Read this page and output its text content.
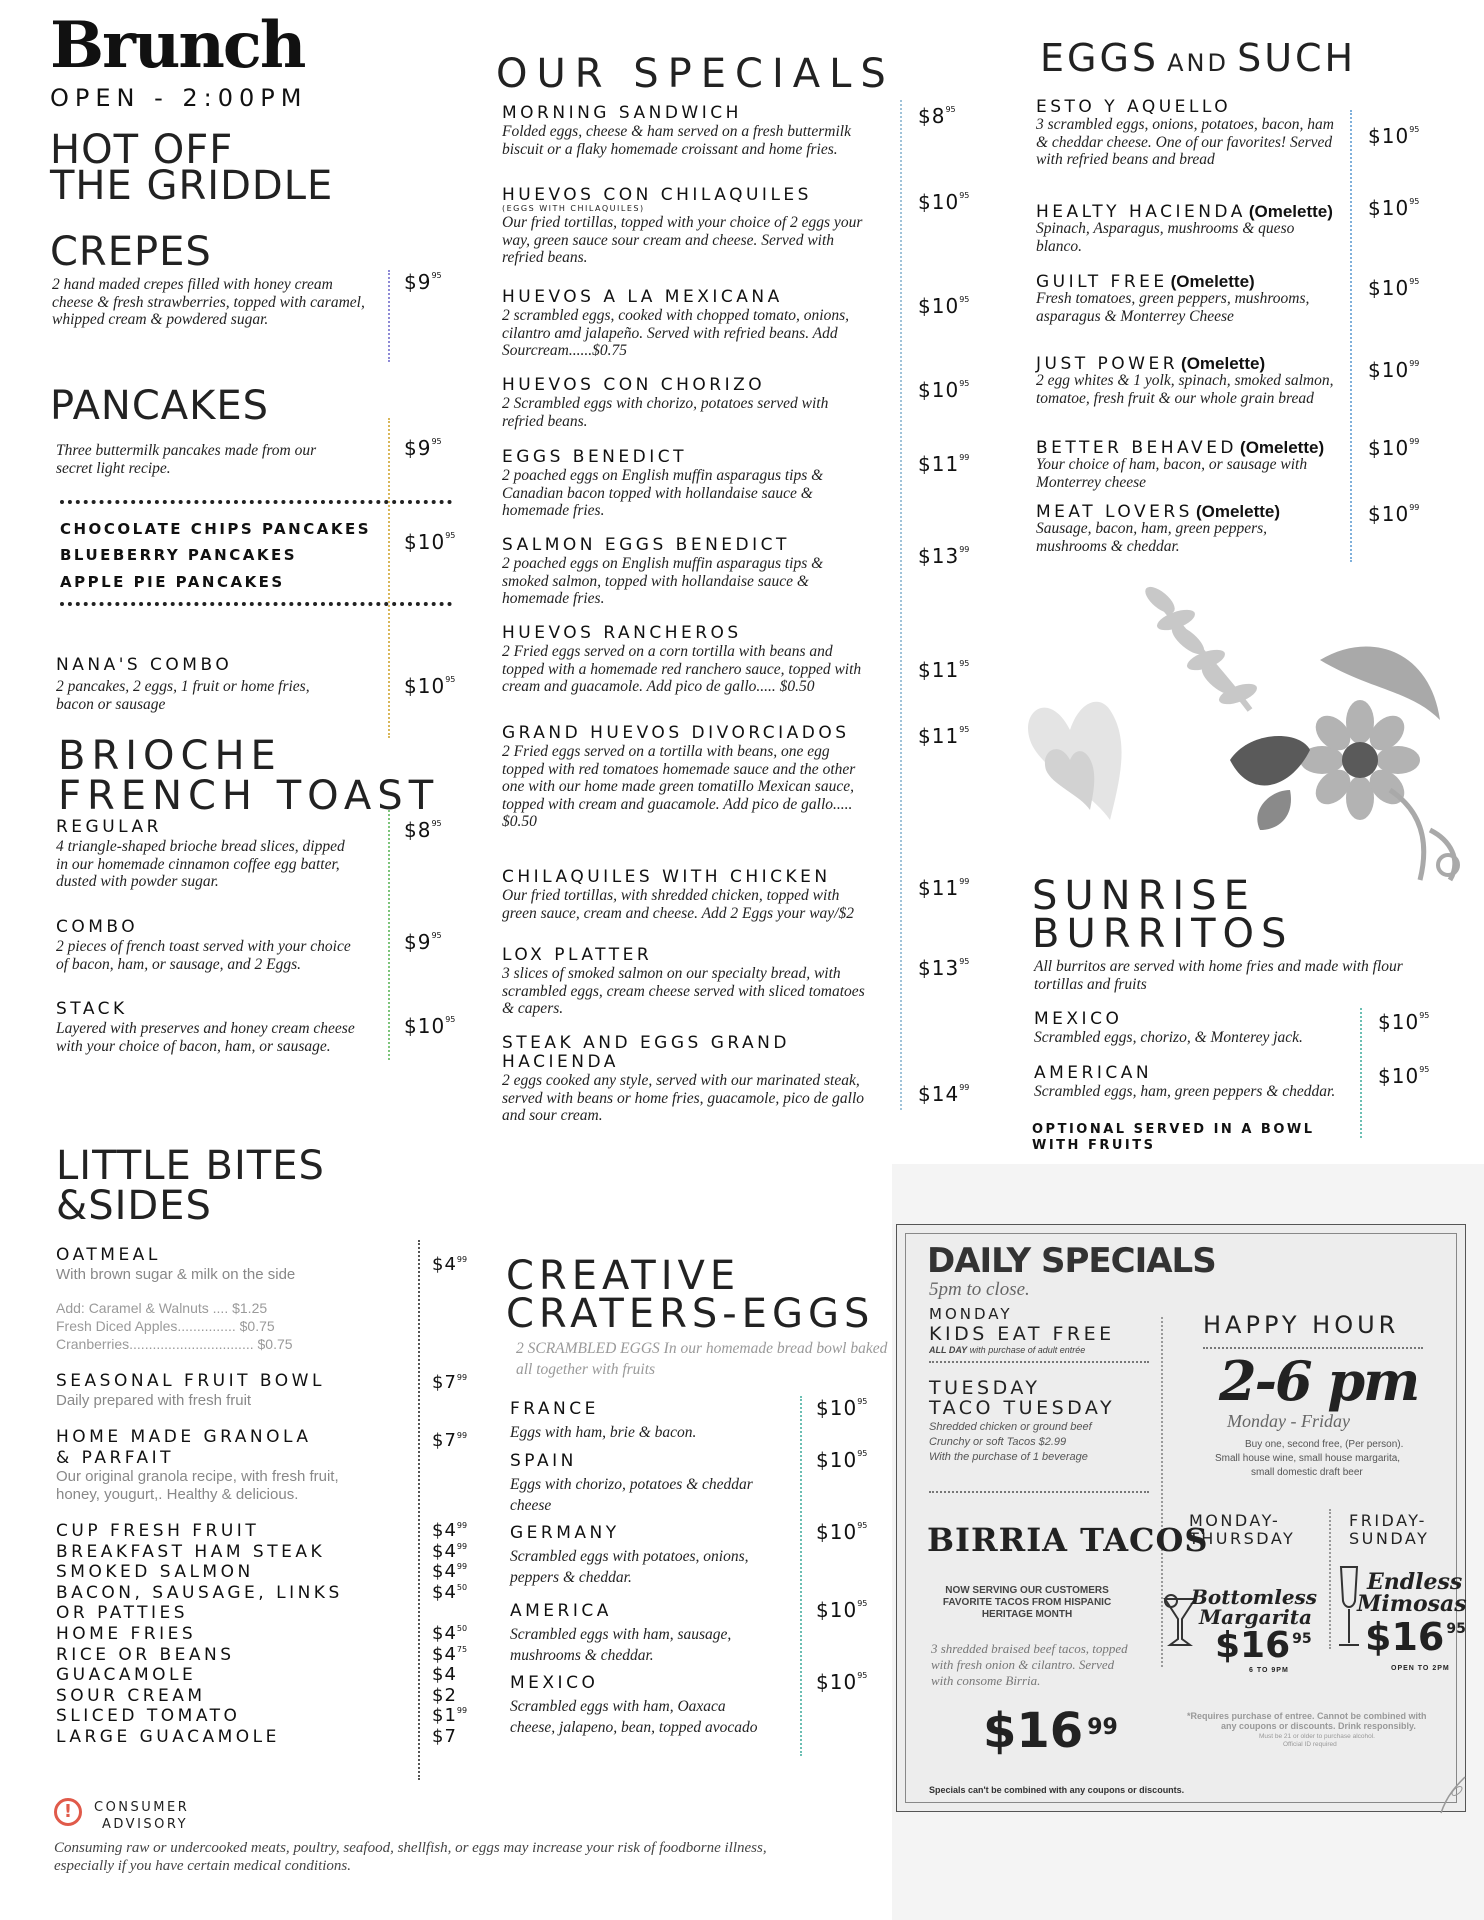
Brunch
OPEN - 2:00PM
HOT OFF
THE GRIDDLE
CREPES
2 hand maded crepes filled with honey cream cheese & fresh strawberries, topped with caramel, whipped cream & powdered sugar.
$\$9^{95}$
PANCAKES
Three buttermilk pancakes made from our secret light recipe.
$\$9^{95}$
CHOCOLATE CHIPS PANCAKES
BLUEBERRY PANCAKES
APPLE PIE PANCAKES
$\$10^{95}$
NANA'S COMBO
2 pancakes, 2 eggs, 1 fruit or home fries, bacon or sausage
$\$10^{95}$
BRIOCHE
FRENCH TOAST
REGULAR
4 triangle-shaped brioche bread slices, dipped in our homemade cinnamon coffee egg batter, dusted with powder sugar.
$\$8^{95}$
COMBO
2 pieces of french toast served with your choice of bacon, ham, or sausage, and 2 Eggs.
$\$9^{95}$
STACK
Layered with preserves and honey cream cheese with your choice of bacon, ham, or sausage.
$\$10^{95}$
LITTLE BITES
&SIDES
OATMEAL
With brown sugar & milk on the side	$\$4^{99}$
Add: Caramel & Walnuts .... $1.25
Fresh Diced Apples............... $0.75
Cranberries................................ $0.75
SEASONAL FRUIT BOWL
Daily prepared with fresh fruit
$\$7^{99}$
HOME MADE GRANOLA
& PARFAIT
Our original granola recipe, with fresh fruit, honey, yougurt,. Healthy & delicious.
$\$7^{99}$
CUP FRESH FRUIT	$\$4^{99}$
BREAKFAST HAM STEAK	$\$4^{99}$
SMOKED SALMON	$\$4^{99}$
BACON, SAUSAGE, LINKS	$\$4^{50}$
OR PATTIES
HOME FRIES	$\$4^{50}$
RICE OR BEANS	$\$4^{75}$
GUACAMOLE	$4
SOUR CREAM	$2
SLICED TOMATO	$\$1^{99}$
LARGE GUACAMOLE	$7
!	CONSUMER
ADVISORY
Consuming raw or undercooked meats, poultry, seafood, shellfish, or eggs may increase your risk of foodborne illness,
especially if you have certain medical conditions.
OUR SPECIALS
MORNING SANDWICH
Folded eggs, cheese & ham served on a fresh buttermilk biscuit or a flaky homemade croissant and home fries.
$\$8^{95}$
HUEVOS CON CHILAQUILES
(EGGS WITH CHILAQUILES)
Our fried tortillas, topped with your choice of 2 eggs your way, green sauce sour cream and cheese. Served with refried beans.
$\$10^{95}$
HUEVOS A LA MEXICANA
2 scrambled eggs, cooked with chopped tomato, onions, cilantro amd jalapeño. Served with refried beans. Add Sourcream......$0.75
$\$10^{95}$
HUEVOS CON CHORIZO
2 Scrambled eggs with chorizo, potatoes served with refried beans.
$\$10^{95}$
EGGS BENEDICT
2 poached eggs on English muffin asparagus tips & Canadian bacon topped with hollandaise sauce & homemade fries.
$\$11^{99}$
SALMON EGGS BENEDICT
2 poached eggs on English muffin asparagus tips & smoked salmon, topped with hollandaise sauce & homemade fries.
$\$13^{99}$
HUEVOS RANCHEROS
2 Fried eggs served on a corn tortilla with beans and topped with a homemade red ranchero sauce, topped with cream and guacamole. Add pico de gallo..... $0.50
$\$11^{95}$
GRAND HUEVOS DIVORCIADOS
2 Fried eggs served on a tortilla with beans, one egg topped with red tomatoes homemade sauce and the other one with our home made green tomatillo Mexican sauce, topped with cream and guacamole. Add pico de gallo..... $0.50
$\$11^{95}$
CHILAQUILES WITH CHICKEN
Our fried tortillas, with shredded chicken, topped with green sauce, cream and cheese. Add 2 Eggs your way/$2
$\$11^{99}$
LOX PLATTER
3 slices of smoked salmon on our specialty bread, with scrambled eggs, cream cheese served with sliced tomatoes & capers.
$\$13^{95}$
STEAK AND EGGS GRAND HACIENDA
2 eggs cooked any style, served with our marinated steak, served with beans or home fries, guacamole, pico de gallo and sour cream.
$\$14^{99}$
CREATIVE
CRATERS-EGGS
2 SCRAMBLED EGGS In our homemade bread bowl baked all together with fruits
FRANCE
Eggs with ham, brie & bacon.
$\$10^{95}$
SPAIN
Eggs with chorizo, potatoes & cheddar cheese
$\$10^{95}$
GERMANY
Scrambled eggs with potatoes, onions, peppers & cheddar.
$\$10^{95}$
AMERICA
Scrambled eggs with ham, sausage, mushrooms & cheddar.
$\$10^{95}$
MEXICO
Scrambled eggs with ham, Oaxaca cheese, jalapeno, bean, topped avocado
$\$10^{95}$
EGGS AND SUCH
ESTO Y AQUELLO
3 scrambled eggs, onions, potatoes, bacon, ham & cheddar cheese. One of our favorites! Served with refried beans and bread
$\$10^{95}$
HEALTY HACIENDA (Omelette)
Spinach, Asparagus, mushrooms & queso blanco.
$\$10^{95}$
GUILT FREE (Omelette)
Fresh tomatoes, green peppers, mushrooms, asparagus & Monterrey Cheese
$\$10^{95}$
JUST POWER (Omelette)
2 egg whites & 1 yolk, spinach, smoked salmon, tomatoe, fresh fruit & our whole grain bread
$\$10^{99}$
BETTER BEHAVED (Omelette)
Your choice of ham, bacon, or sausage with Monterrey cheese
$\$10^{99}$
MEAT LOVERS (Omelette)
Sausage, bacon, ham, green peppers, mushrooms & cheddar.
$\$10^{99}$
SUNRISE
BURRITOS
All burritos are served with home fries and made with flour tortillas and fruits
MEXICO
Scrambled eggs, chorizo, & Monterey jack.
$\$10^{95}$
AMERICAN
Scrambled eggs, ham, green peppers & cheddar.
$\$10^{95}$
OPTIONAL SERVED IN A BOWL WITH FRUITS
DAILY SPECIALS
5pm to close.
MONDAY
KIDS EAT FREE
ALL DAY with purchase of adult entrée
TUESDAY
TACO TUESDAY
Shredded chicken or ground beef
Crunchy or soft Tacos $2.99
With the purchase of 1 beverage
HAPPY HOUR
2-6 pm
Monday - Friday
Buy one, second free, (Per person).
Small house wine, small house margarita,
small domestic draft beer
BIRRIA TACOS
NOW SERVING OUR CUSTOMERS FAVORITE TACOS FROM HISPANIC HERITAGE MONTH
3 shredded braised beef tacos, topped with fresh onion & cilantro. Served with consome Birria.
$16 $^{99}$
MONDAY-
THURSDAY
FRIDAY-
SUNDAY
Bottomless
Margarita
$16 $^{95}$
6 TO 9PM
Endless
Mimosas
$16 $^{95}$
OPEN TO 2PM
*Requires purchase of entree. Cannot be combined with
any coupons or discounts. Drink responsibly.
Must be 21 or older to purchase alcohol.
Official ID required
Specials can't be combined with any coupons or discounts.
